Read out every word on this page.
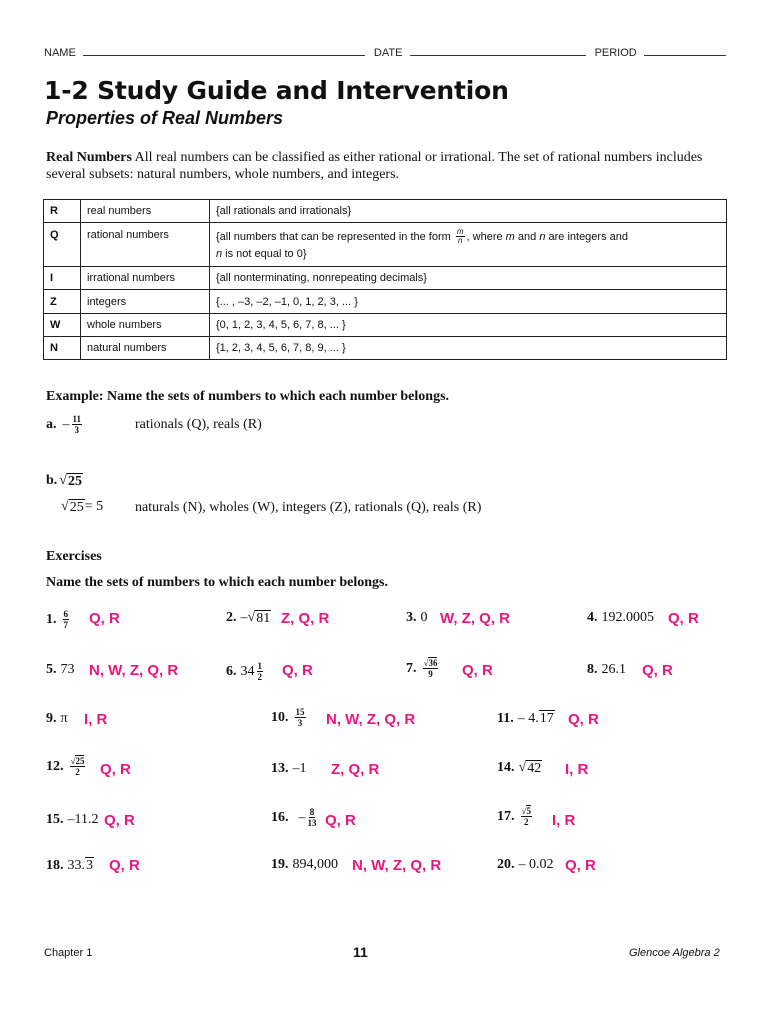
NAME	DATE	PERIOD
1-2 Study Guide and Intervention
Properties of Real Numbers
Real Numbers All real numbers can be classified as either rational or irrational. The set of rational numbers includes several subsets: natural numbers, whole numbers, and integers.
R	real numbers	{all rationals and irrationals}
Q	rational numbers	{all numbers that can be represented in the form $\frac{m}{n}$ , where m and n are integers and
n is not equal to 0}

I	irrational numbers	{all nonterminating, nonrepeating decimals}
Z	integers	{... , –3, –2, –1, 0, 1, 2, 3, ... }
W	whole numbers	{0, 1, 2, 3, 4, 5, 6, 7, 8, ... }
N	natural numbers	{1, 2, 3, 4, 5, 6, 7, 8, 9, ... }
Example: Name the sets of numbers to which each number belongs.
a. – $\frac{11}{3}$	rationals (Q), reals (R)
b. √ 25
√ 25 = 5 naturals (N), wholes (W), integers (Z), rationals (Q), reals (R)
Exercises
Name the sets of numbers to which each number belongs.
1. $\frac{6}{7} Q$, R	2. – √ 81 Z, Q, R	3. 0 W, Z, Q, R	4. 192.0005 Q, R
5. 73 N, W, Z, Q, R	6. $34 \frac{1}{2} Q$, R	7. $\frac{√36}{9} Q$, R	8. 26.1 Q, R
9. π I, R	10. $\frac{15}{3} N$, W, Z, Q, R	11. – 4. 17 Q, R
12. $\frac{√25}{2} Q$, R	13. –1 Z, Q, R	14. √ 42 I, R
15. –11.2 Q, R	16. – $\frac{8}{13} Q$, R	17. $\frac{√5}{2} I$, R
18. 33. 3 Q, R	19. 894,000 N, W, Z, Q, R	20. – 0.02 Q, R
Chapter 1	11	Glencoe Algebra 2
